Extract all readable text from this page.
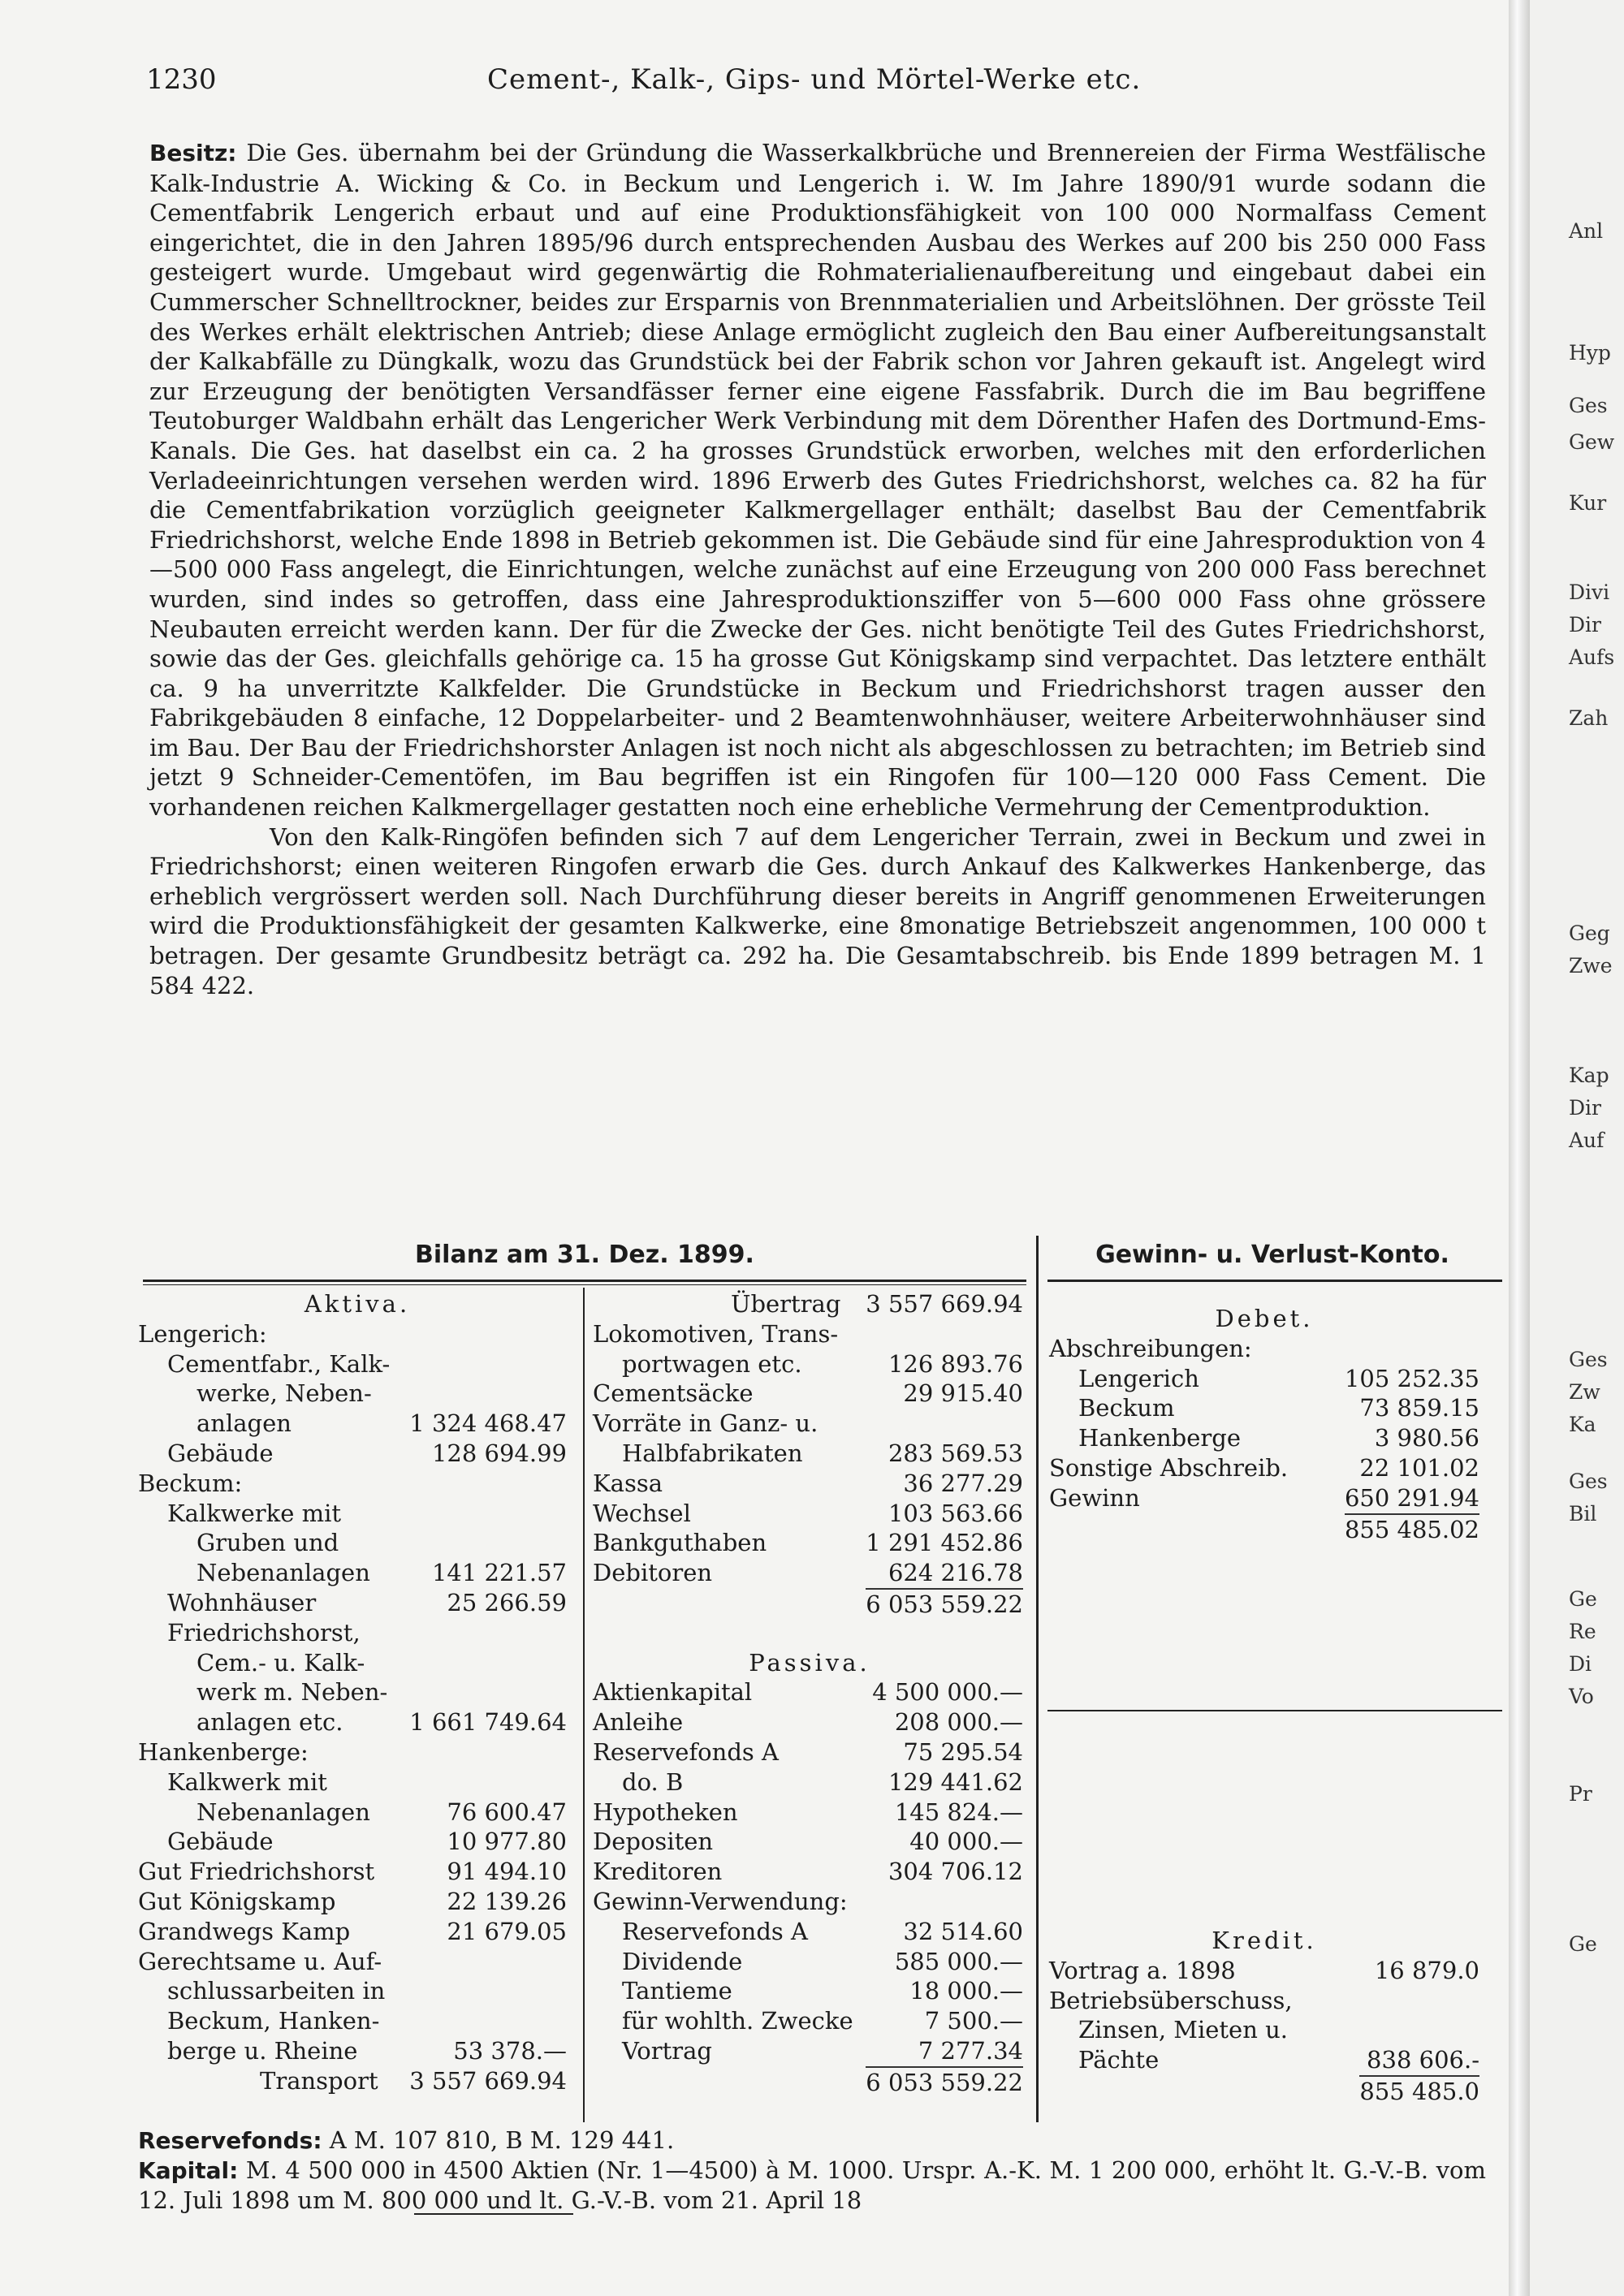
Anl
Hyp
Ges
Gew
Kur
Divi
Dir
Aufs
Zah
Geg
Zwe
Kap
Dir
Auf
Ges
Zw
Ka
Ges
Bil
Ge
Re
Di
Vo
Pr
Ge
1230	Cement-, Kalk-, Gips- und Mörtel-Werke etc.

Besitz: Die Ges. übernahm bei der Gründung die Wasserkalkbrüche und Brennereien der Firma Westfälische Kalk-Industrie A. Wicking & Co. in Beckum und Lengerich i. W. Im Jahre 1890/91 wurde sodann die Cementfabrik Lengerich erbaut und auf eine Produktionsfähigkeit von 100 000 Normalfass Cement eingerichtet, die in den Jahren 1895/96 durch entsprechenden Ausbau des Werkes auf 200 bis 250 000 Fass gesteigert wurde. Umgebaut wird gegenwärtig die Rohmaterialienaufbereitung und eingebaut dabei ein Cummerscher Schnelltrockner, beides zur Ersparnis von Brennmaterialien und Arbeitslöhnen. Der grösste Teil des Werkes erhält elektrischen Antrieb; diese Anlage ermöglicht zugleich den Bau einer Aufbereitungsanstalt der Kalkabfälle zu Düngkalk, wozu das Grundstück bei der Fabrik schon vor Jahren gekauft ist. Angelegt wird zur Erzeugung der benötigten Versandfässer ferner eine eigene Fassfabrik. Durch die im Bau begriffene Teutoburger Waldbahn erhält das Lengericher Werk Verbindung mit dem Dörenther Hafen des Dortmund-Ems-Kanals. Die Ges. hat daselbst ein ca. 2 ha grosses Grundstück erworben, welches mit den erforderlichen Verladeeinrichtungen versehen werden wird. 1896 Erwerb des Gutes Friedrichshorst, welches ca. 82 ha für die Cementfabrikation vorzüglich geeigneter Kalkmergellager enthält; daselbst Bau der Cementfabrik Friedrichshorst, welche Ende 1898 in Betrieb gekommen ist. Die Gebäude sind für eine Jahresproduktion von 4—500 000 Fass angelegt, die Einrichtungen, welche zunächst auf eine Erzeugung von 200 000 Fass berechnet wurden, sind indes so getroffen, dass eine Jahresproduktionsziffer von 5—600 000 Fass ohne grössere Neubauten erreicht werden kann. Der für die Zwecke der Ges. nicht benötigte Teil des Gutes Friedrichshorst, sowie das der Ges. gleichfalls gehörige ca. 15 ha grosse Gut Königskamp sind verpachtet. Das letztere enthält ca. 9 ha unverritzte Kalkfelder. Die Grundstücke in Beckum und Friedrichshorst tragen ausser den Fabrikgebäuden 8 einfache, 12 Doppelarbeiter- und 2 Beamtenwohnhäuser, weitere Arbeiterwohnhäuser sind im Bau. Der Bau der Friedrichshorster Anlagen ist noch nicht als abgeschlossen zu betrachten; im Betrieb sind jetzt 9 Schneider-Cementöfen, im Bau begriffen ist ein Ringofen für 100—120 000 Fass Cement. Die vorhandenen reichen Kalkmergellager gestatten noch eine erhebliche Vermehrung der Cementproduktion.

Von den Kalk-Ringöfen befinden sich 7 auf dem Lengericher Terrain, zwei in Beckum und zwei in Friedrichshorst; einen weiteren Ringofen erwarb die Ges. durch Ankauf des Kalkwerkes Hankenberge, das erheblich vergrössert werden soll. Nach Durchführung dieser bereits in Angriff genommenen Erweiterungen wird die Produktionsfähigkeit der gesamten Kalkwerke, eine 8monatige Betriebszeit angenommen, 100 000 t betragen. Der gesamte Grundbesitz beträgt ca. 292 ha. Die Gesamtabschreib. bis Ende 1899 betragen M. 1 584 422.

Bilanz am 31. Dez. 1899.
Aktiva.
Lengerich:
Cementfabr., Kalk-
werke, Neben-
anlagen	1 324 468.47
Gebäude	128 694.99
Beckum:
Kalkwerke mit
Gruben und
Nebenanlagen	141 221.57
Wohnhäuser	25 266.59
Friedrichshorst,
Cem.- u. Kalk-
werk m. Neben-
anlagen etc.	1 661 749.64
Hankenberge:
Kalkwerk mit
Nebenanlagen	76 600.47
Gebäude	10 977.80
Gut Friedrichshorst	91 494.10
Gut Königskamp	22 139.26
Grandwegs Kamp	21 679.05
Gerechtsame u. Auf-
schlussarbeiten in
Beckum, Hanken-
berge u. Rheine	53 378.—
Transport 3 557 669.94
Übertrag 3 557 669.94
Lokomotiven, Trans-
portwagen etc.	126 893.76
Cementsäcke	29 915.40
Vorräte in Ganz- u.
Halbfabrikaten	283 569.53
Kassa	36 277.29
Wechsel	103 563.66
Bankguthaben	1 291 452.86
Debitoren	624 216.78
6 053 559.22
Passiva.
Aktienkapital	4 500 000.—
Anleihe	208 000.—
Reservefonds A	75 295.54
do. B	129 441.62
Hypotheken	145 824.—
Depositen	40 000.—
Kreditoren	304 706.12
Gewinn-Verwendung:
Reservefonds A	32 514.60
Dividende	585 000.—
Tantieme	18 000.—
für wohlth. Zwecke	7 500.—
Vortrag	7 277.34
6 053 559.22
Gewinn- u. Verlust-Konto.
Debet.
Abschreibungen:
Lengerich	105 252.35
Beckum	73 859.15
Hankenberge	3 980.56
Sonstige Abschreib.	22 101.02
Gewinn	650 291.94
855 485.02
Kredit.
Vortrag a. 1898	16 879.0
Betriebsüberschuss,
Zinsen, Mieten u.
Pächte	838 606.-
855 485.0
Reservefonds: A M. 107 810, B M. 129 441.
Kapital: M. 4 500 000 in 4500 Aktien (Nr. 1—4500) à M. 1000. Urspr. A.-K. M. 1 200 000, erhöht lt. G.-V.-B. vom 12. Juli 1898 um M. 800 000 und lt. G.-V.-B. vom 21. April 18
